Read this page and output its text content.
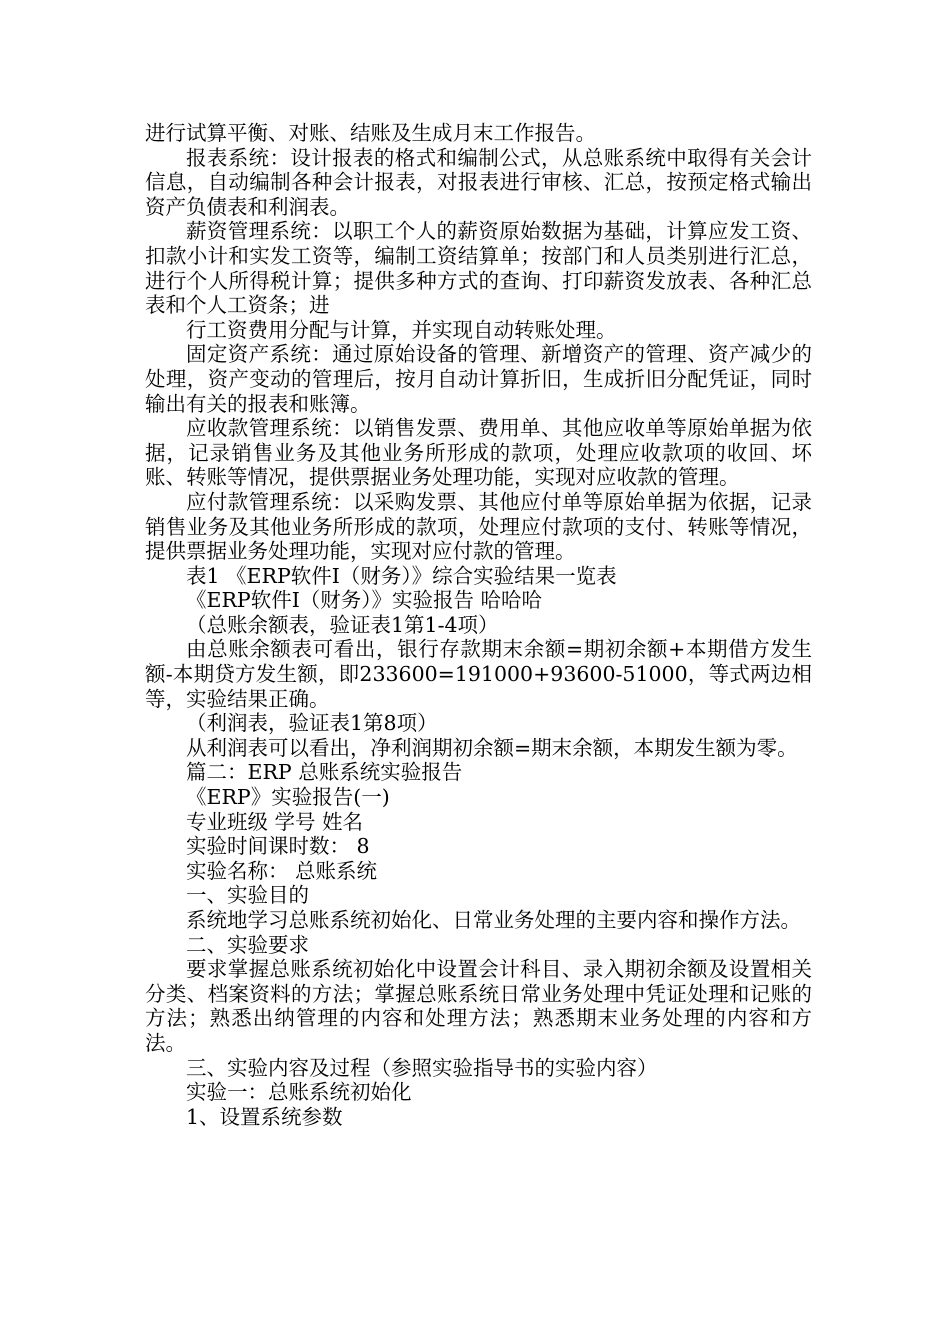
进行试算平衡、对账、结账及生成月末工作报告。

报表系统：设计报表的格式和编制公式，从总账系统中取得有关会计信息，自动编制各种会计报表，对报表进行审核、汇总，按预定格式输出资产负债表和利润表。

薪资管理系统：以职工个人的薪资原始数据为基础，计算应发工资、扣款小计和实发工资等，编制工资结算单；按部门和人员类别进行汇总，进行个人所得税计算；提供多种方式的查询、打印薪资发放表、各种汇总表和个人工资条；进

行工资费用分配与计算，并实现自动转账处理。

固定资产系统：通过原始设备的管理、新增资产的管理、资产减少的处理，资产变动的管理后，按月自动计算折旧，生成折旧分配凭证，同时输出有关的报表和账簿。

应收款管理系统：以销售发票、费用单、其他应收单等原始单据为依据，记录销售业务及其他业务所形成的款项，处理应收款项的收回、坏账、转账等情况，提供票据业务处理功能，实现对应收款的管理。

应付款管理系统：以采购发票、其他应付单等原始单据为依据，记录销售业务及其他业务所形成的款项，处理应付款项的支付、转账等情况，提供票据业务处理功能，实现对应付款的管理。

表1 《ERP软件I（财务）》综合实验结果一览表

《ERP软件I（财务）》实验报告 哈哈哈

（总账余额表，验证表1第1-4项）

由总账余额表可看出，银行存款期末余额=期初余额+本期借方发生额-本期贷方发生额，即233600=191000+93600-51000，等式两边相等，实验结果正确。

（利润表，验证表1第8项）

从利润表可以看出，净利润期初余额=期末余额，本期发生额为零。

篇二：ERP 总账系统实验报告

《ERP》实验报告(一)

专业班级 学号 姓名

实验时间课时数： 8

实验名称： 总账系统

一、实验目的

系统地学习总账系统初始化、日常业务处理的主要内容和操作方法。

二、实验要求

要求掌握总账系统初始化中设置会计科目、录入期初余额及设置相关分类、档案资料的方法；掌握总账系统日常业务处理中凭证处理和记账的方法；熟悉出纳管理的内容和处理方法；熟悉期末业务处理的内容和方法。

三、实验内容及过程（参照实验指导书的实验内容）

实验一：总账系统初始化

1、设置系统参数
